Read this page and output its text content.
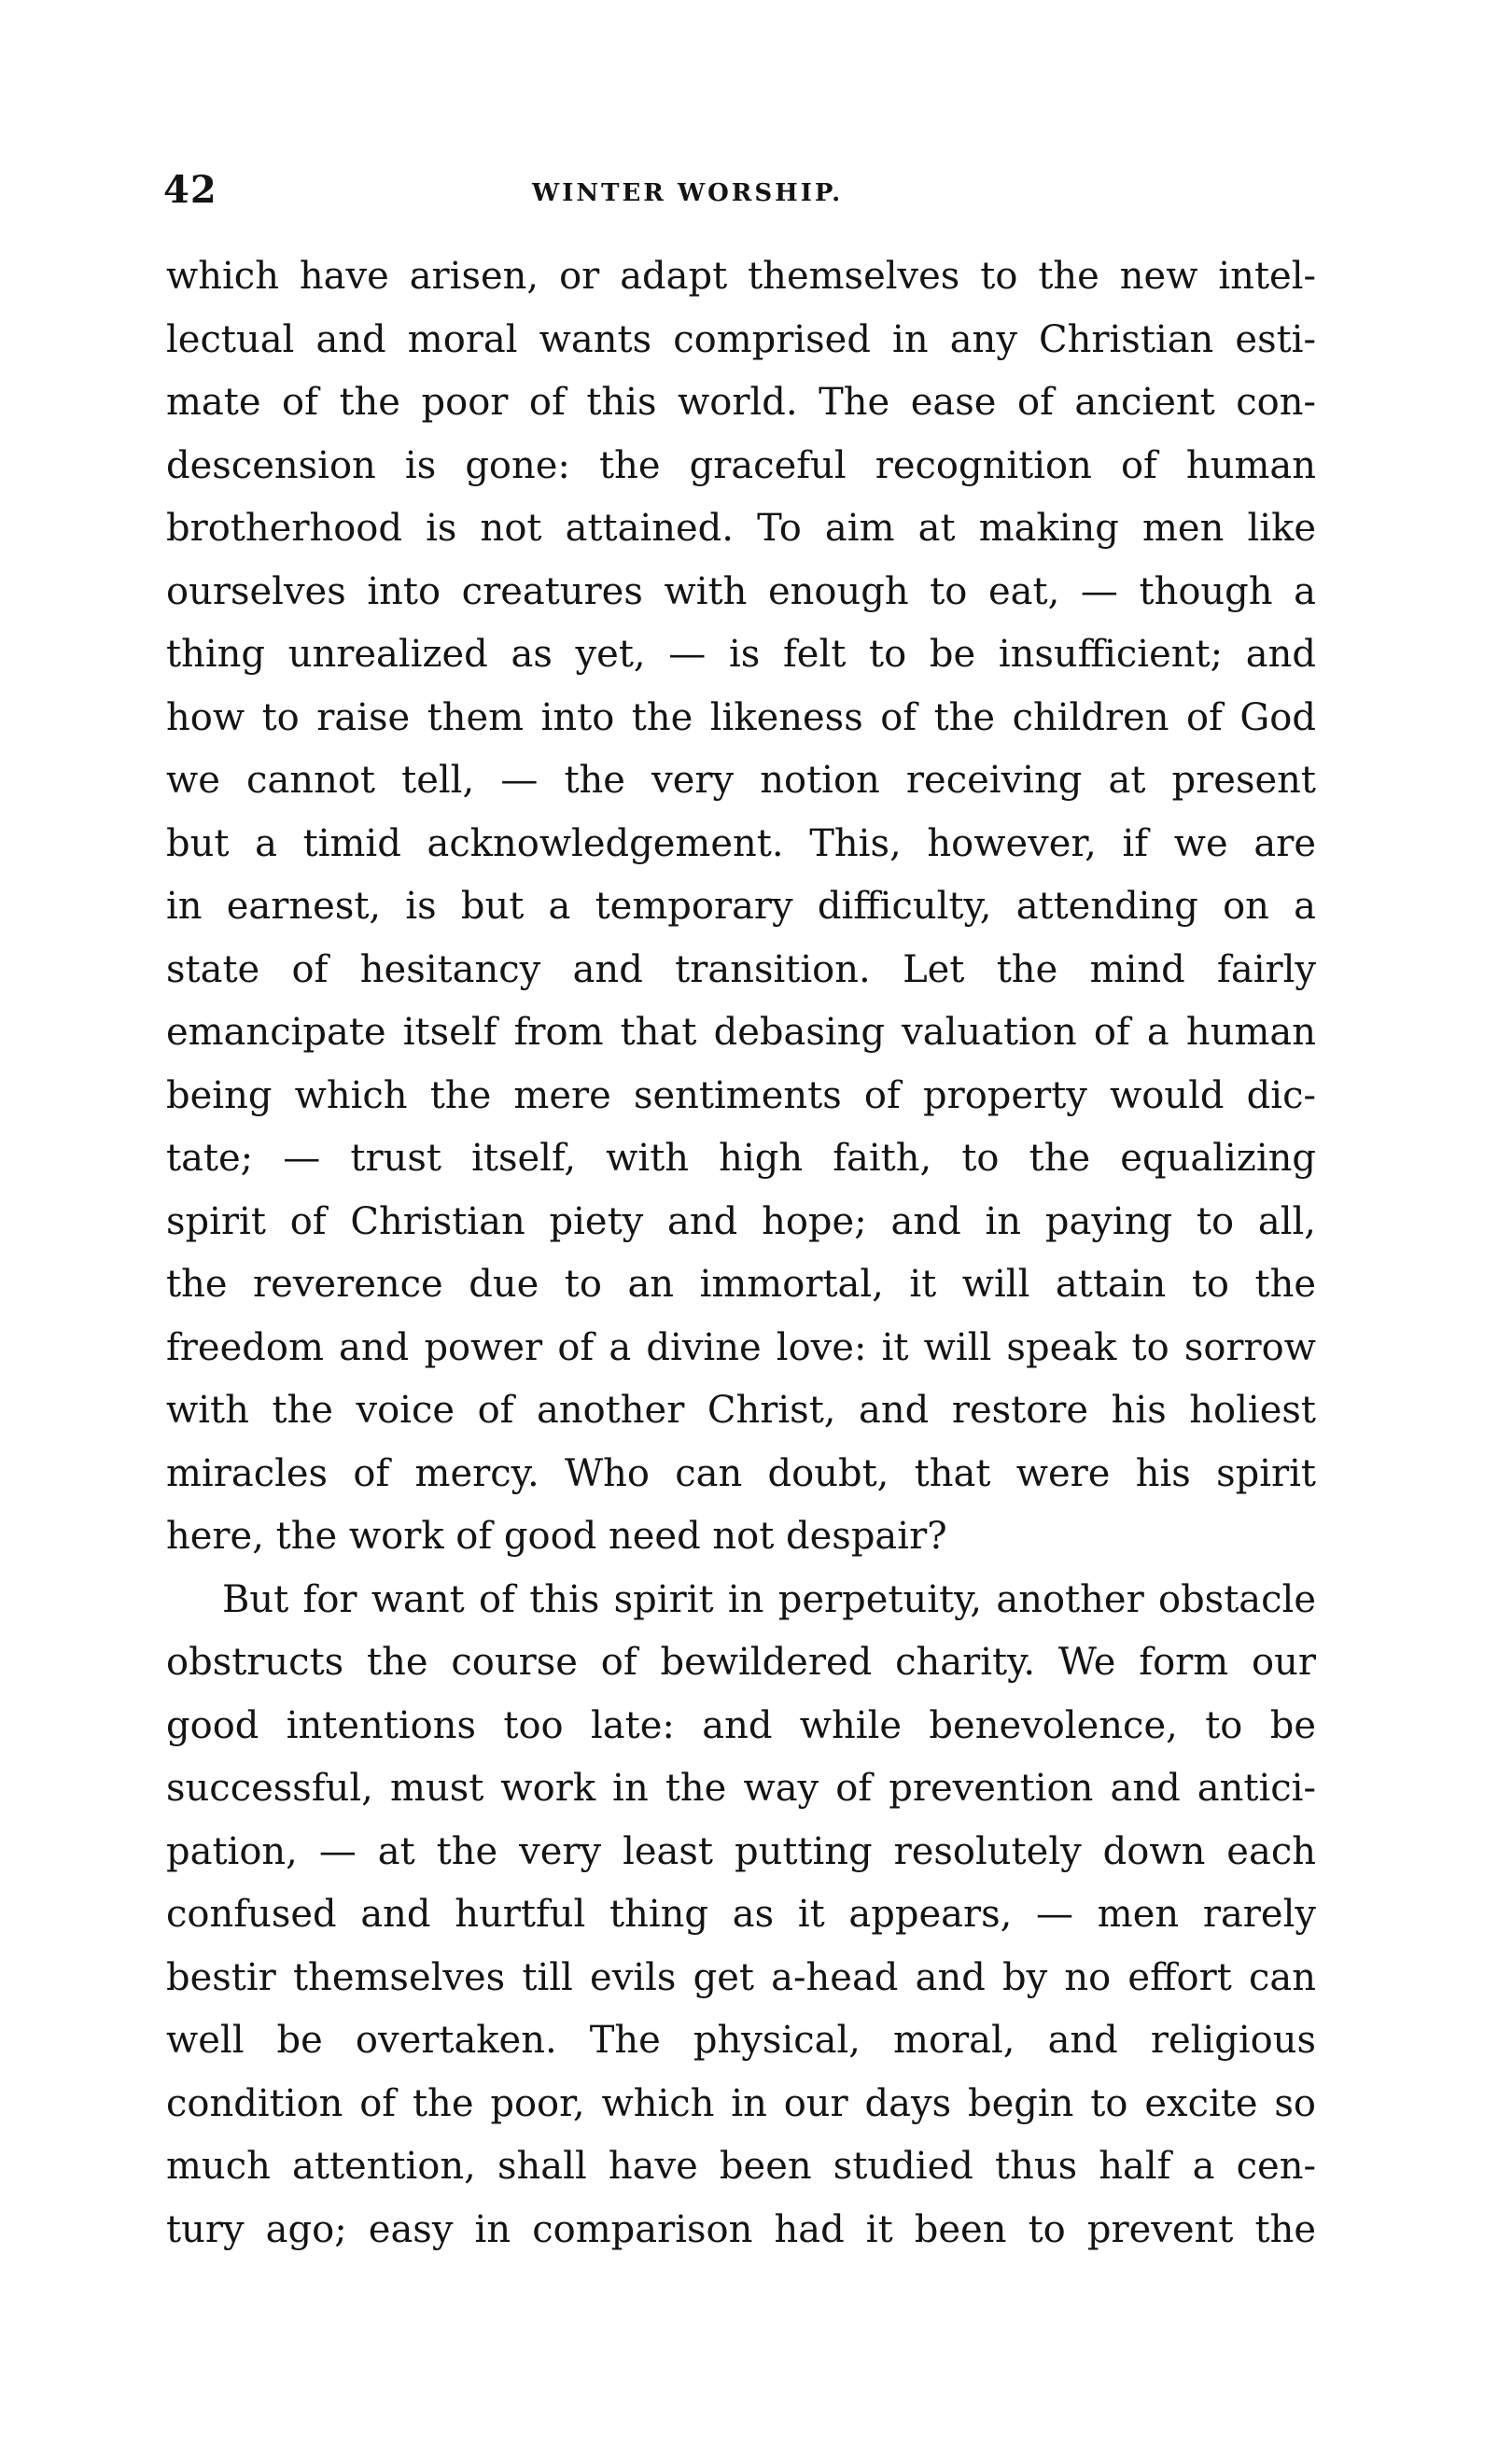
42	WINTER WORSHIP.
which have arisen, or adapt themselves to the new intel-
lectual and moral wants comprised in any Christian esti-
mate of the poor of this world. The ease of ancient con-
descension is gone: the graceful recognition of human
brotherhood is not attained. To aim at making men like
ourselves into creatures with enough to eat, — though a
thing unrealized as yet, — is felt to be insufficient; and
how to raise them into the likeness of the children of God
we cannot tell, — the very notion receiving at present
but a timid acknowledgement. This, however, if we are
in earnest, is but a temporary difficulty, attending on a
state of hesitancy and transition. Let the mind fairly
emancipate itself from that debasing valuation of a human
being which the mere sentiments of property would dic-
tate; — trust itself, with high faith, to the equalizing
spirit of Christian piety and hope; and in paying to all,
the reverence due to an immortal, it will attain to the
freedom and power of a divine love: it will speak to sorrow
with the voice of another Christ, and restore his holiest
miracles of mercy. Who can doubt, that were his spirit
here, the work of good need not despair?
But for want of this spirit in perpetuity, another obstacle
obstructs the course of bewildered charity. We form our
good intentions too late: and while benevolence, to be
successful, must work in the way of prevention and antici-
pation, — at the very least putting resolutely down each
confused and hurtful thing as it appears, — men rarely
bestir themselves till evils get a-head and by no effort can
well be overtaken. The physical, moral, and religious
condition of the poor, which in our days begin to excite so
much attention, shall have been studied thus half a cen-
tury ago; easy in comparison had it been to prevent the
